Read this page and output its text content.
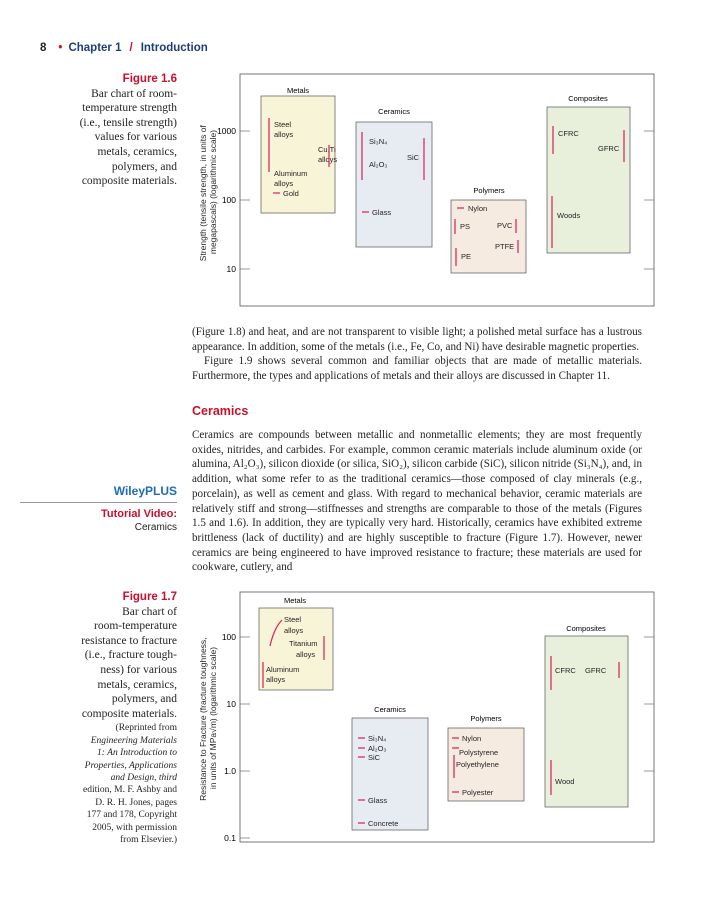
8 • Chapter 1 / Introduction
Figure 1.6
Bar chart of room-
temperature strength
(i.e., tensile strength)
values for various
metals, ceramics,
polymers, and
composite materials. Strength (tensile strength, in units of megapascals) (logarithmic scale) 1000
100
10
Metals
Steel
alloys
Cu,Ti
alloys
Aluminum
alloys
Gold
Ceramics
Si₃N₄
Al₂O₃
SiC
Glass
Polymers
Nylon
PS	PVC
PTFE
PE
Composites
CFRC
GFRC
Woods

(Figure 1.8) and heat, and are not transparent to visible light; a polished metal surface has a lustrous appearance. In addition, some of the metals (i.e., Fe, Co, and Ni) have desirable magnetic properties.

Figure 1.9 shows several common and familiar objects that are made of metallic materials. Furthermore, the types and applications of metals and their alloys are discussed in Chapter 11.

Ceramics

Ceramics are compounds between metallic and nonmetallic elements; they are most frequently oxides, nitrides, and carbides. For example, common ceramic materials include aluminum oxide (or alumina, Al₂O₃), silicon dioxide (or silica, SiO₂), silicon carbide (SiC), silicon nitride (Si₃N₄), and, in addition, what some refer to as the traditional ceramics—those composed of clay minerals (e.g., porcelain), as well as cement and glass. With regard to mechanical behavior, ceramic materials are relatively stiff and strong—stiffnesses and strengths are comparable to those of the metals (Figures 1.5 and 1.6). In addition, they are typically very hard. Historically, ceramics have exhibited extreme brittleness (lack of ductility) and are highly susceptible to fracture (Figure 1.7). However, newer ceramics are being engineered to have improved resistance to fracture; these materials are used for cookware, cutlery, and

WileyPLUS
Tutorial Video:
Ceramics
Figure 1.7
Bar chart of
room-temperature
resistance to fracture
(i.e., fracture tough-
ness) for various
metals, ceramics,
polymers, and
composite materials.
(Reprinted from
Engineering Materials
1: An Introduction to
Properties, Applications
and Design, third
edition, M. F. Ashby and
D. R. H. Jones, pages
177 and 178, Copyright
2005, with permission
from Elsevier.)
Resistance to Fracture (fracture toughness, in units of MPa√m) (logarithmic scale)
100
10
1.0
0.1
Metals
Steel
alloys
Titanium
alloys
Aluminum
alloys
Ceramics
Si₃N₄
Al₂O₃
SiC
Glass
Concrete
Polymers
Nylon
Polystyrene
Polyethylene
Polyester
Composites
CFRC GFRC
Wood
